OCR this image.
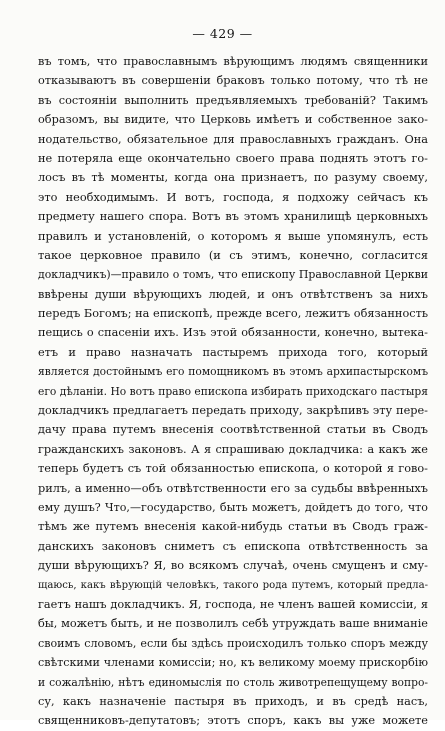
— 429 —
въ томъ, что православнымъ вѣрующимъ людямъ священники
отказываютъ въ совершеніи браковъ только потому, что тѣ не
въ состояніи выполнить предъявляемыхъ требованій? Такимъ
образомъ, вы видите, что Церковь имѣетъ и собственное зако-
нодательство, обязательное для православныхъ гражданъ. Она
не потеряла еще окончательно своего права поднять этотъ го-
лосъ въ тѣ моменты, когда она признаетъ, по разуму своему,
это необходимымъ. И вотъ, господа, я подхожу сейчасъ къ
предмету нашего спора. Вотъ въ этомъ хранилищѣ церковныхъ
правилъ и установленій, о которомъ я выше упомянулъ, есть
такое церковное правило (и съ этимъ, конечно, согласится
докладчикъ)—правило о томъ, что епископу Православной Церкви
ввѣрены души вѣрующихъ людей, и онъ отвѣтственъ за нихъ
передъ Богомъ; на епископѣ, прежде всего, лежитъ обязанность
пещись о спасеніи ихъ. Изъ этой обязанности, конечно, вытека-
етъ и право назначать пастыремъ прихода того, который
является достойнымъ его помощникомъ въ этомъ архипастырскомъ
его дѣланіи. Но вотъ право епископа избирать приходскаго пастыря
докладчикъ предлагаетъ передать приходу, закрѣпивъ эту пере-
дачу права путемъ внесенія соотвѣтственной статьи въ Сводъ
гражданскихъ законовъ. А я спрашиваю докладчика: а какъ же
теперь будетъ съ той обязанностью епископа, о которой я гово-
рилъ, а именно—объ отвѣтственности его за судьбы ввѣренныхъ
ему душъ? Что,—государство, быть можетъ, дойдетъ до того, что
тѣмъ же путемъ внесенія какой-нибудь статьи въ Сводъ граж-
данскихъ законовъ сниметъ съ епископа отвѣтственность за
души вѣрующихъ? Я, во всякомъ случаѣ, очень смущенъ и сму-
щаюсь, какъ вѣрующій человѣкъ, такого рода путемъ, который предла-
гаетъ нашъ докладчикъ. Я, господа, не членъ вашей комиссіи, я
бы, можетъ быть, и не позволилъ себѣ утруждать ваше вниманіе
своимъ словомъ, если бы здѣсь происходилъ только споръ между
свѣтскими членами комиссіи; но, къ великому моему прискорбію
и сожалѣнію, нѣтъ единомыслія по столь животрепещущему вопро-
су, какъ назначеніе пастыря въ приходъ, и въ средѣ насъ,
священниковъ-депутатовъ; этотъ споръ, какъ вы уже можете
